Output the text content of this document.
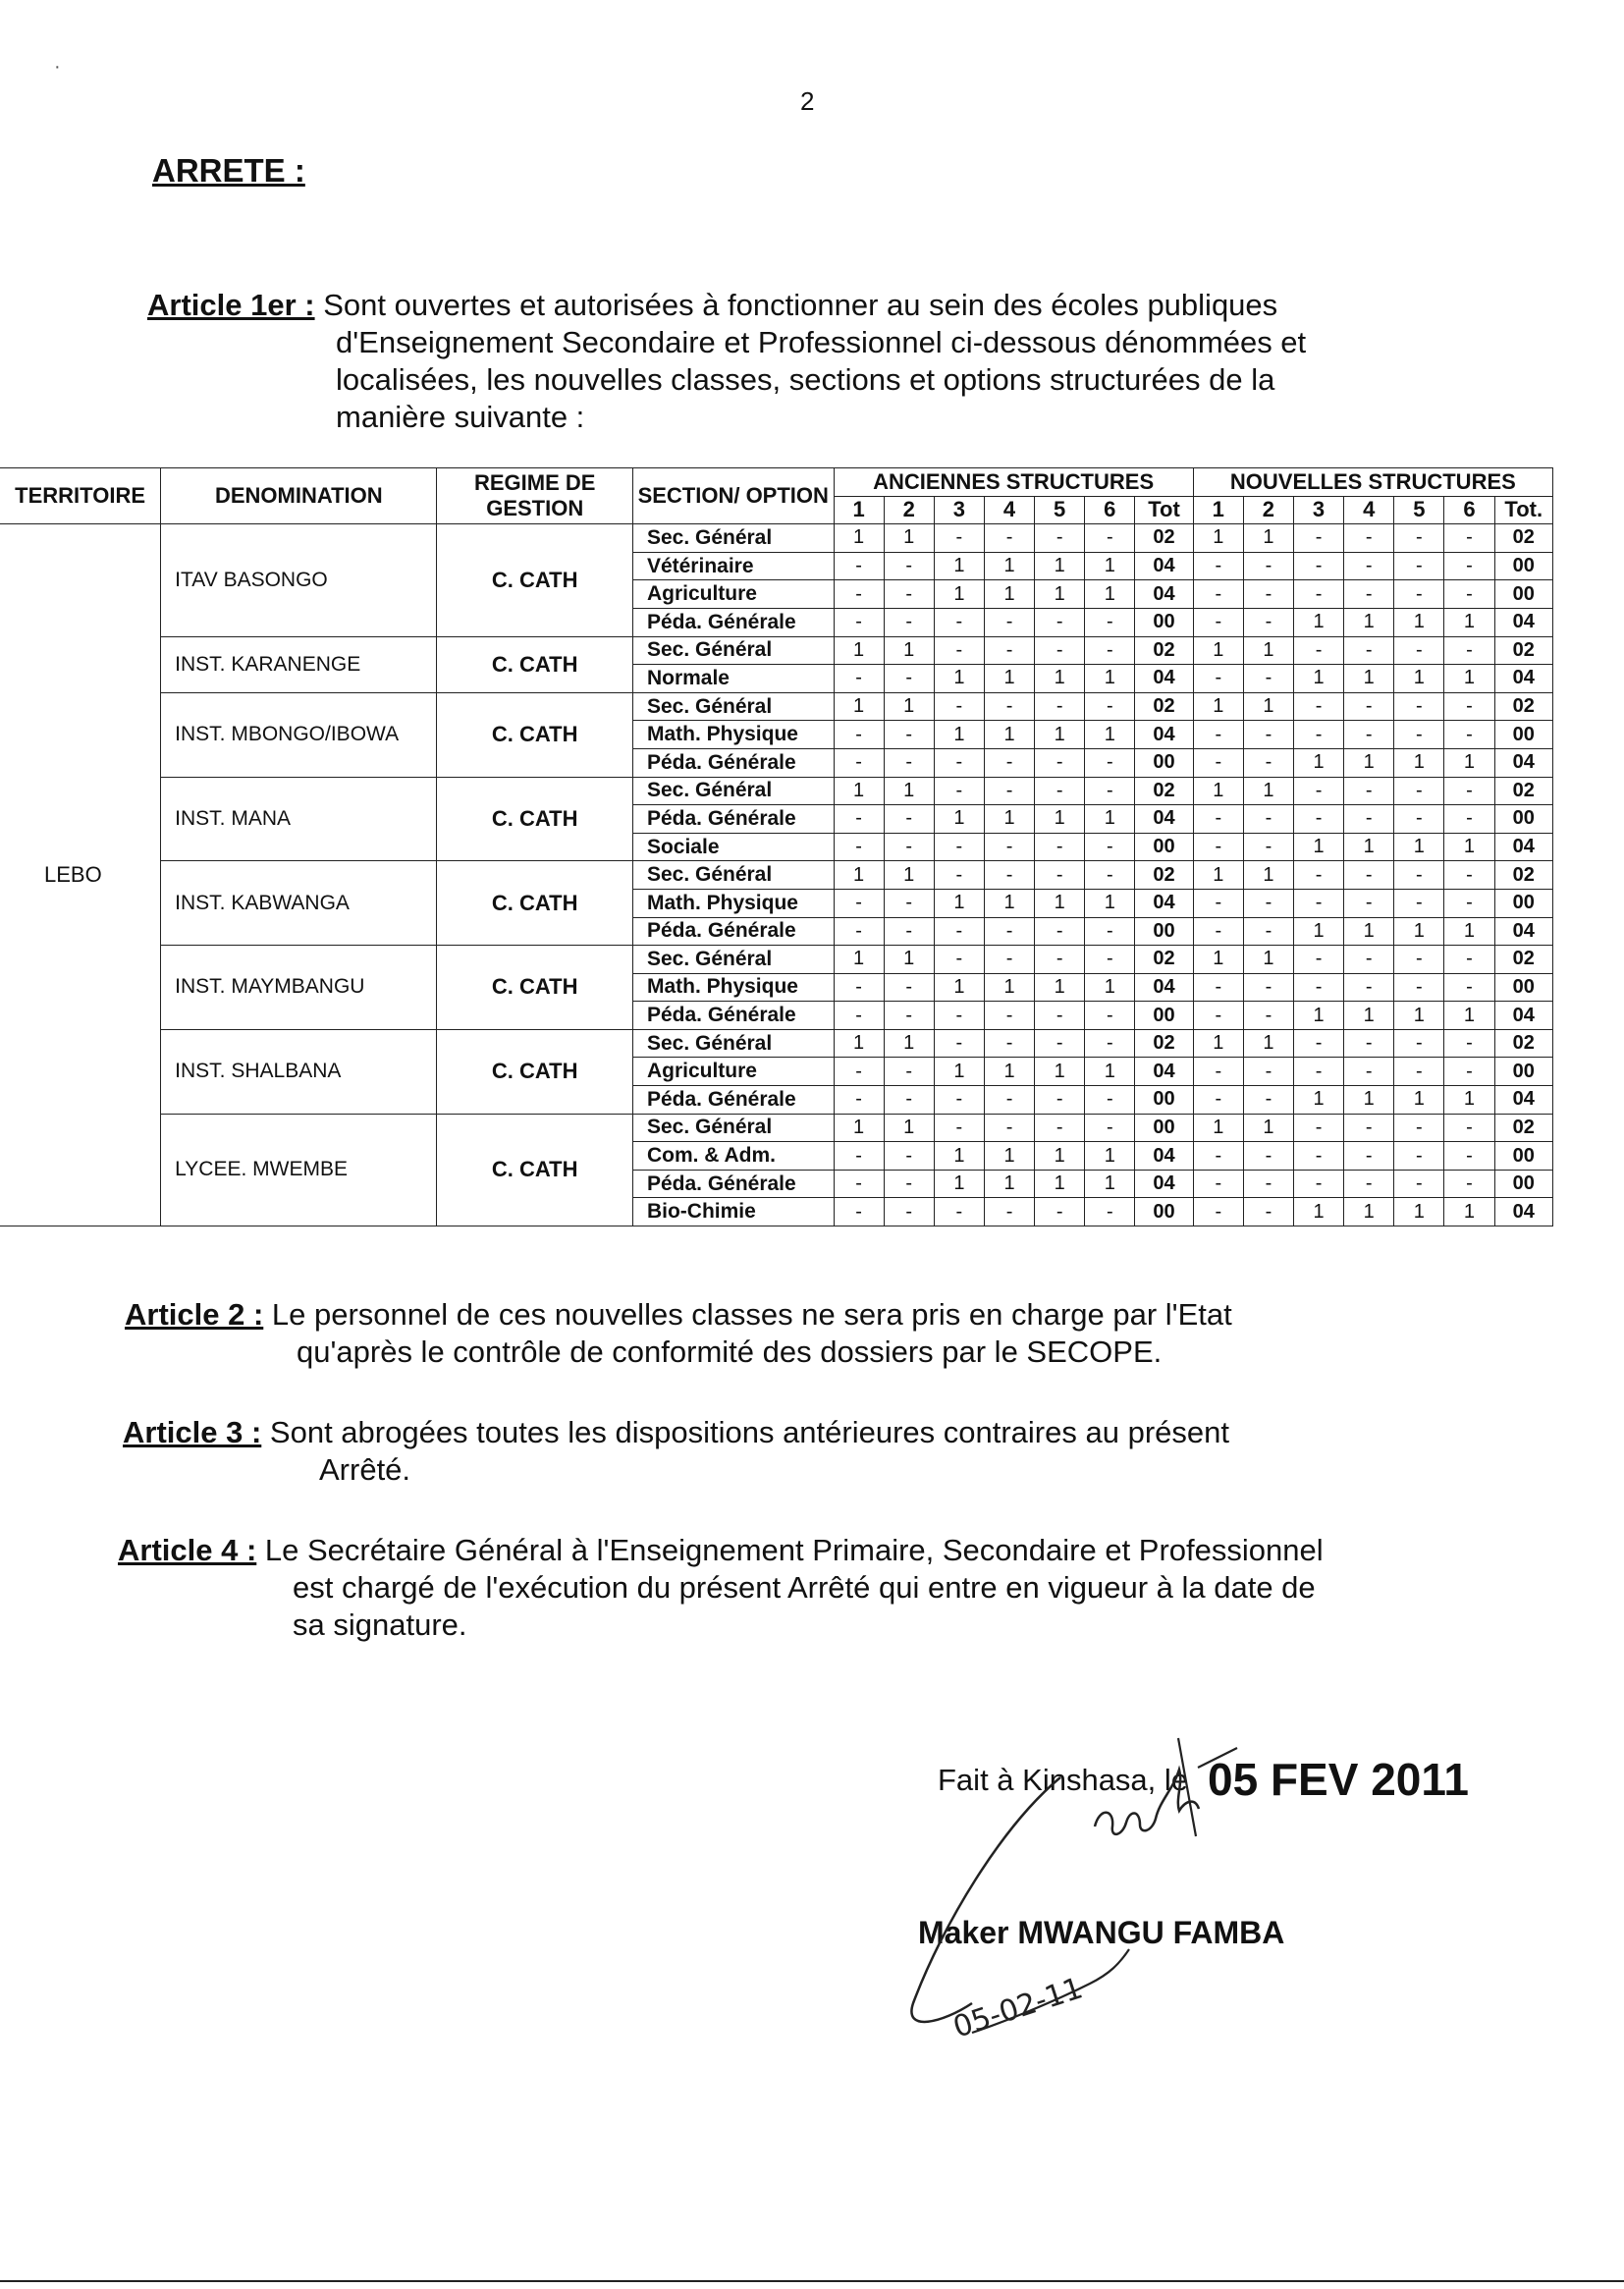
·
2
ARRETE :
Article 1er : Sont ouvertes et autorisées à fonctionner au sein des écoles publiques
d'Enseignement Secondaire et Professionnel ci-dessous dénommées et
localisées, les nouvelles classes, sections et options structurées de la
manière suivante :
TERRITOIRE	DENOMINATION	REGIME DE GESTION	SECTION/ OPTION	ANCIENNES STRUCTURES							NOUVELLES STRUCTURES						
				1	2	3	4	5	6	Tot	1	2	3	4	5	6	Tot.
LEBO	ITAV BASONGO	C. CATH	Sec. Général	1	1	-	-	-	-	02	1	1	-	-	-	-	02
			Vétérinaire	-	-	1	1	1	1	04	-	-	-	-	-	-	00
			Agriculture	-	-	1	1	1	1	04	-	-	-	-	-	-	00
			Péda. Générale	-	-	-	-	-	-	00	-	-	1	1	1	1	04
	INST. KARANENGE	C. CATH	Sec. Général	1	1	-	-	-	-	02	1	1	-	-	-	-	02
			Normale	-	-	1	1	1	1	04	-	-	1	1	1	1	04
	INST. MBONGO/IBOWA	C. CATH	Sec. Général	1	1	-	-	-	-	02	1	1	-	-	-	-	02
			Math. Physique	-	-	1	1	1	1	04	-	-	-	-	-	-	00
			Péda. Générale	-	-	-	-	-	-	00	-	-	1	1	1	1	04
	INST. MANA	C. CATH	Sec. Général	1	1	-	-	-	-	02	1	1	-	-	-	-	02
			Péda. Générale	-	-	1	1	1	1	04	-	-	-	-	-	-	00
			Sociale	-	-	-	-	-	-	00	-	-	1	1	1	1	04
	INST. KABWANGA	C. CATH	Sec. Général	1	1	-	-	-	-	02	1	1	-	-	-	-	02
			Math. Physique	-	-	1	1	1	1	04	-	-	-	-	-	-	00
			Péda. Générale	-	-	-	-	-	-	00	-	-	1	1	1	1	04
	INST. MAYMBANGU	C. CATH	Sec. Général	1	1	-	-	-	-	02	1	1	-	-	-	-	02
			Math. Physique	-	-	1	1	1	1	04	-	-	-	-	-	-	00
			Péda. Générale	-	-	-	-	-	-	00	-	-	1	1	1	1	04
	INST. SHALBANA	C. CATH	Sec. Général	1	1	-	-	-	-	02	1	1	-	-	-	-	02
			Agriculture	-	-	1	1	1	1	04	-	-	-	-	-	-	00
			Péda. Générale	-	-	-	-	-	-	00	-	-	1	1	1	1	04
	LYCEE. MWEMBE	C. CATH	Sec. Général	1	1	-	-	-	-	00	1	1	-	-	-	-	02
			Com. & Adm.	-	-	1	1	1	1	04	-	-	-	-	-	-	00
			Péda. Générale	-	-	1	1	1	1	04	-	-	-	-	-	-	00
			Bio-Chimie	-	-	-	-	-	-	00	-	-	1	1	1	1	04
Article 2 : Le personnel de ces nouvelles classes ne sera pris en charge par l'Etat
qu'après le contrôle de conformité des dossiers par le SECOPE.
Article 3 : Sont abrogées toutes les dispositions antérieures contraires au présent
Arrêté.
Article 4 : Le Secrétaire Général à l'Enseignement Primaire, Secondaire et Professionnel
est chargé de l'exécution du présent Arrêté qui entre en vigueur à la date de
sa signature.
Fait à Kinshasa, le 05 FEV 2011
Maker MWANGU FAMBA
05-02-11
